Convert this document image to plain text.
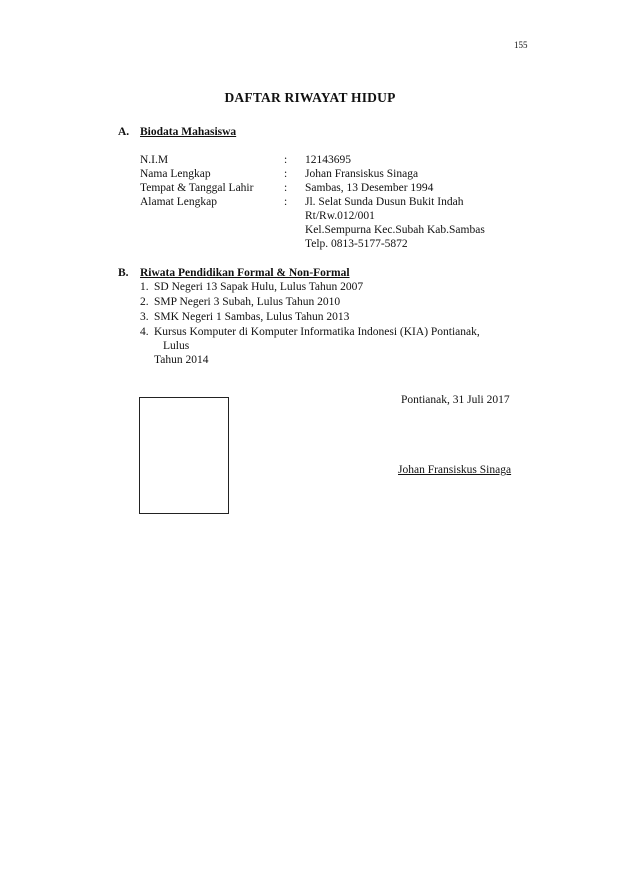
155
DAFTAR RIWAYAT HIDUP
A. Biodata Mahasiswa
N.I.M	: 12143695
Nama Lengkap	: Johan Fransiskus Sinaga
Tempat & Tanggal Lahir	: Sambas, 13 Desember 1994
Alamat Lengkap	: Jl. Selat Sunda Dusun Bukit Indah
Rt/Rw.012/001
Kel.Sempurna Kec.Subah Kab.Sambas
Telp. 0813-5177-5872
B. Riwata Pendidikan Formal & Non-Formal
1. SD Negeri 13 Sapak Hulu, Lulus Tahun 2007
2. SMP Negeri 3 Subah, Lulus Tahun 2010
3. SMK Negeri 1 Sambas, Lulus Tahun 2013
4. Kursus Komputer di Komputer Informatika Indonesi (KIA) Pontianak,
Lulus
Tahun 2014
Pontianak, 31 Juli 2017
Johan Fransiskus Sinaga
